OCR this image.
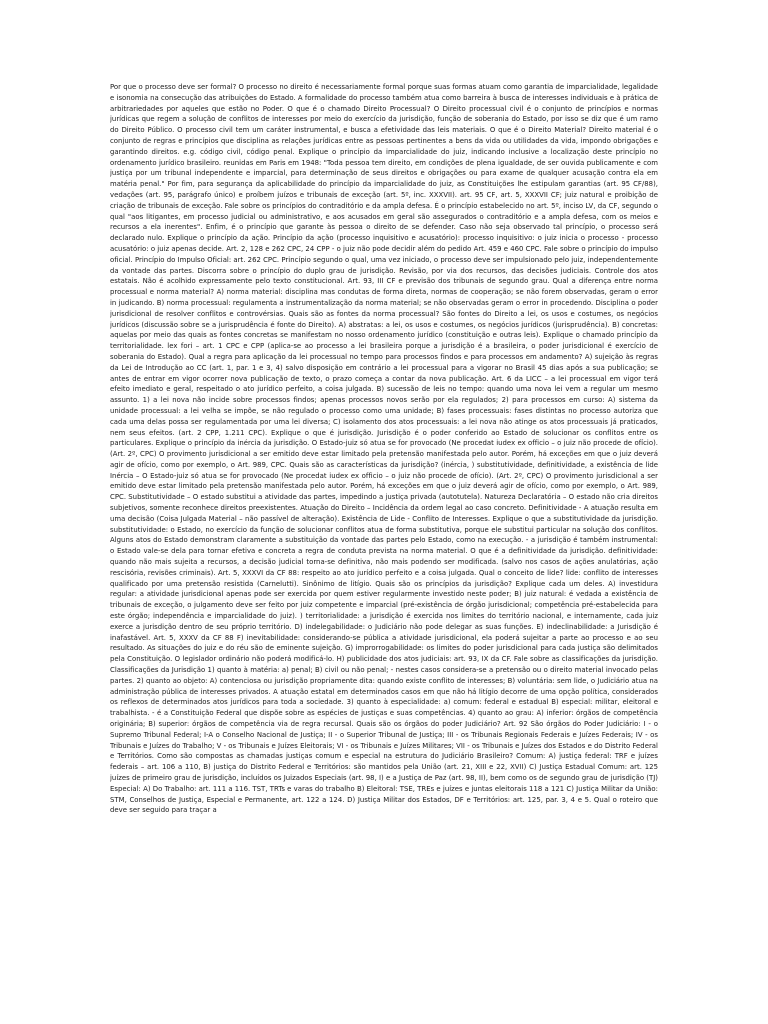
Por que o processo deve ser formal? O processo no direito é necessariamente formal porque suas formas atuam como garantia de imparcialidade, legalidade e isonomia na consecução das atribuições do Estado. A formalidade do processo também atua como barreira à busca de interesses individuais e à prática de arbitrariedades por aqueles que estão no Poder. O que é o chamado Direito Processual? O Direito processual civil é o conjunto de princípios e normas jurídicas que regem a solução de conflitos de interesses por meio do exercício da jurisdição, função de soberania do Estado, por isso se diz que é um ramo do Direito Público. O processo civil tem um caráter instrumental, e busca a efetividade das leis materiais. O que é o Direito Material? Direito material é o conjunto de regras e princípios que disciplina as relações jurídicas entre as pessoas pertinentes a bens da vida ou utilidades da vida, impondo obrigações e garantindo direitos. e.g. código civil, código penal. Explique o princípio da imparcialidade do juiz, indicando inclusive a localização deste princípio no ordenamento jurídico brasileiro. reunidas em Paris em 1948: "Toda pessoa tem direito, em condições de plena igualdade, de ser ouvida publicamente e com justiça por um tribunal independente e imparcial, para determinação de seus direitos e obrigações ou para exame de qualquer acusação contra ela em matéria penal." Por fim, para segurança da aplicabilidade do princípio da imparcialidade do juiz, as Constituições lhe estipulam garantias (art. 95 CF/88), vedações (art. 95, parágrafo único) e proíbem juízos e tribunais de exceção (art. 5º, inc. XXXVII). art. 95 CF, art. 5, XXXVII CF; juiz natural e proibição de criação de tribunais de exceção. Fale sobre os princípios do contraditório e da ampla defesa. É o princípio estabelecido no art. 5º, inciso LV, da CF, segundo o qual "aos litigantes, em processo judicial ou administrativo, e aos acusados em geral são assegurados o contraditório e a ampla defesa, com os meios e recursos a ela inerentes". Enfim, é o princípio que garante às pessoa o direito de se defender. Caso não seja observado tal princípio, o processo será declarado nulo. Explique o princípio da ação. Princípio da ação (processo inquisitivo e acusatório): processo inquisitivo: o juiz inicia o processo - processo acusatório: o juiz apenas decide. Art. 2, 128 e 262 CPC, 24 CPP - o juiz não pode decidir além do pedido Art. 459 e 460 CPC. Fale sobre o princípio do impulso oficial. Princípio do Impulso Oficial: art. 262 CPC. Princípio segundo o qual, uma vez iniciado, o processo deve ser impulsionado pelo juiz, independentemente da vontade das partes. Discorra sobre o princípio do duplo grau de jurisdição. Revisão, por via dos recursos, das decisões judiciais. Controle dos atos estatais. Não é acolhido expressamente pelo texto constitucional. Art. 93, III CF e previsão dos tribunais de segundo grau. Qual a diferença entre norma processual e norma material? A) norma material: disciplina mas condutas de forma direta, normas de cooperação; se não forem observadas, geram o error in judicando. B) norma processual: regulamenta a instrumentalização da norma material; se não observadas geram o error in procedendo. Disciplina o poder jurisdicional de resolver conflitos e controvérsias. Quais são as fontes da norma processual? São fontes do Direito a lei, os usos e costumes, os negócios jurídicos (discussão sobre se a jurisprudência é fonte do Direito). A) abstratas: a lei, os usos e costumes, os negócios jurídicos (jurisprudência). B) concretas: aquelas por meio das quais as fontes concretas se manifestam no nosso ordenamento jurídico (constituição e outras leis). Explique o chamado princípio da territorialidade. lex fori – art. 1 CPC e CPP (aplica-se ao processo a lei brasileira porque a jurisdição é a brasileira, o poder jurisdicional é exercício de soberania do Estado). Qual a regra para aplicação da lei processual no tempo para processos findos e para processos em andamento? A) sujeição às regras da Lei de Introdução ao CC (art. 1, par. 1 e 3, 4) salvo disposição em contrário a lei processual para a vigorar no Brasil 45 dias após a sua publicação; se antes de entrar em vigor ocorrer nova publicação de texto, o prazo começa a contar da nova publicação. Art. 6 da LICC – a lei processual em vigor terá efeito imediato e geral, respeitado o ato jurídico perfeito, a coisa julgada. B) sucessão de leis no tempo: quando uma nova lei vem a regular um mesmo assunto. 1) a lei nova não incide sobre processos findos; apenas processos novos serão por ela regulados; 2) para processos em curso: A) sistema da unidade processual: a lei velha se impõe, se não regulado o processo como uma unidade; B) fases processuais: fases distintas no processo autoriza que cada uma delas possa ser regulamentada por uma lei diversa; C) isolamento dos atos processuais: a lei nova não atinge os atos processuais já praticados, nem seus efeitos. (art. 2 CPP, 1.211 CPC). Explique o que é jurisdição. Jurisdição é o poder conferido ao Estado de solucionar os conflitos entre os particulares. Explique o princípio da inércia da jurisdição. O Estado-juiz só atua se for provocado (Ne procedat iudex ex officio – o juiz não procede de ofício). (Art. 2º, CPC) O provimento jurisdicional a ser emitido deve estar limitado pela pretensão manifestada pelo autor. Porém, há exceções em que o juiz deverá agir de ofício, como por exemplo, o Art. 989, CPC. Quais são as características da jurisdição? (inércia, ) substitutividade, definitividade, a existência de lide Inércia – O Estado-juiz só atua se for provocado (Ne procedat iudex ex officio – o juiz não procede de ofício). (Art. 2º, CPC) O provimento jurisdicional a ser emitido deve estar limitado pela pretensão manifestada pelo autor. Porém, há exceções em que o juiz deverá agir de ofício, como por exemplo, o Art. 989, CPC. Substitutividade – O estado substitui a atividade das partes, impedindo a justiça privada (autotutela). Natureza Declaratória – O estado não cria direitos subjetivos, somente reconhece direitos preexistentes. Atuação do Direito – Incidência da ordem legal ao caso concreto. Definitividade - A atuação resulta em uma decisão (Coisa Julgada Material – não passível de alteração). Existência de Lide - Conflito de Interesses. Explique o que a substitutividade da jurisdição. substitutividade: o Estado, no exercício da função de solucionar conflitos atua de forma substitutiva, porque ele substitui particular na solução dos conflitos. Alguns atos do Estado demonstram claramente a substituição da vontade das partes pelo Estado, como na execução. - a jurisdição é também instrumental: o Estado vale-se dela para tornar efetiva e concreta a regra de conduta prevista na norma material. O que é a definitividade da jurisdição. definitividade: quando não mais sujeita a recursos, a decisão judicial torna-se definitiva, não mais podendo ser modificada. (salvo nos casos de ações anulatórias, ação rescisória, revisões criminais). Art. 5, XXXVI da CF 88: respeito ao ato jurídico perfeito e a coisa julgada. Qual o conceito de lide? lide: conflito de interesses qualificado por uma pretensão resistida (Carnelutti). Sinônimo de litígio. Quais são os princípios da jurisdição? Explique cada um deles. A) investidura regular: a atividade jurisdicional apenas pode ser exercida por quem estiver regularmente investido neste poder; B) juiz natural: é vedada a existência de tribunais de exceção, o julgamento deve ser feito por juiz competente e imparcial (pré-existência de órgão jurisdicional; competência pré-estabelecida para este órgão; independência e imparcialidade do juiz). ) territorialidade: a jurisdição é exercida nos limites do território nacional, e internamente, cada juiz exerce a jurisdição dentro de seu próprio território. D) indelegabilidade: o Judiciário não pode delegar as suas funções. E) indeclinabilidade: a Jurisdição é inafastável. Art. 5, XXXV da CF 88 F) inevitabilidade: considerando-se pública a atividade jurisdicional, ela poderá sujeitar a parte ao processo e ao seu resultado. As situações do juiz e do réu são de eminente sujeição. G) improrrogabilidade: os limites do poder jurisdicional para cada justiça são delimitados pela Constituição. O legislador ordinário não poderá modificá-lo. H) publicidade dos atos judiciais: art. 93, IX da CF. Fale sobre as classificações da jurisdição. Classificações da Jurisdição 1) quanto à matéria: a) penal; B) civil ou não penal; - nestes casos considera-se a pretensão ou o direito material invocado pelas partes. 2) quanto ao objeto: A) contenciosa ou jurisdição propriamente dita: quando existe conflito de interesses; B) voluntária: sem lide, o Judiciário atua na administração pública de interesses privados. A atuação estatal em determinados casos em que não há litígio decorre de uma opção política, considerados os reflexos de determinados atos jurídicos para toda a sociedade. 3) quanto à especialidade: a) comum: federal e estadual B) especial: militar, eleitoral e trabalhista. - é a Constituição Federal que dispõe sobre as espécies de justiças e suas competências. 4) quanto ao grau: A) inferior: órgãos de competência originária; B) superior: órgãos de competência via de regra recursal. Quais são os órgãos do poder Judiciário? Art. 92 São órgãos do Poder Judiciário: I - o Supremo Tribunal Federal; I-A o Conselho Nacional de Justiça; II - o Superior Tribunal de Justiça; III - os Tribunais Regionais Federais e Juízes Federais; IV - os Tribunais e Juízes do Trabalho; V - os Tribunais e Juízes Eleitorais; VI - os Tribunais e Juízes Militares; VII - os Tribunais e Juízes dos Estados e do Distrito Federal e Territórios. Como são compostas as chamadas justiças comum e especial na estrutura do Judiciário Brasileiro? Comum: A) justiça federal: TRF e juízes federais – art. 106 a 110, B) justiça do Distrito Federal e Territórios: são mantidos pela União (art. 21, XIII e 22, XVII) C) Justiça Estadual Comum: art. 125 juízes de primeiro grau de jurisdição, incluídos os Juizados Especiais (art. 98, I) e a Justiça de Paz (art. 98, II), bem como os de segundo grau de jurisdição (TJ) Especial: A) Do Trabalho: art. 111 a 116. TST, TRTs e varas do trabalho B) Eleitoral: TSE, TREs e juízes e juntas eleitorais 118 a 121 C) Justiça Militar da União: STM, Conselhos de Justiça, Especial e Permanente, art. 122 a 124. D) Justiça Militar dos Estados, DF e Territórios: art. 125, par. 3, 4 e 5. Qual o roteiro que deve ser seguido para traçar a
